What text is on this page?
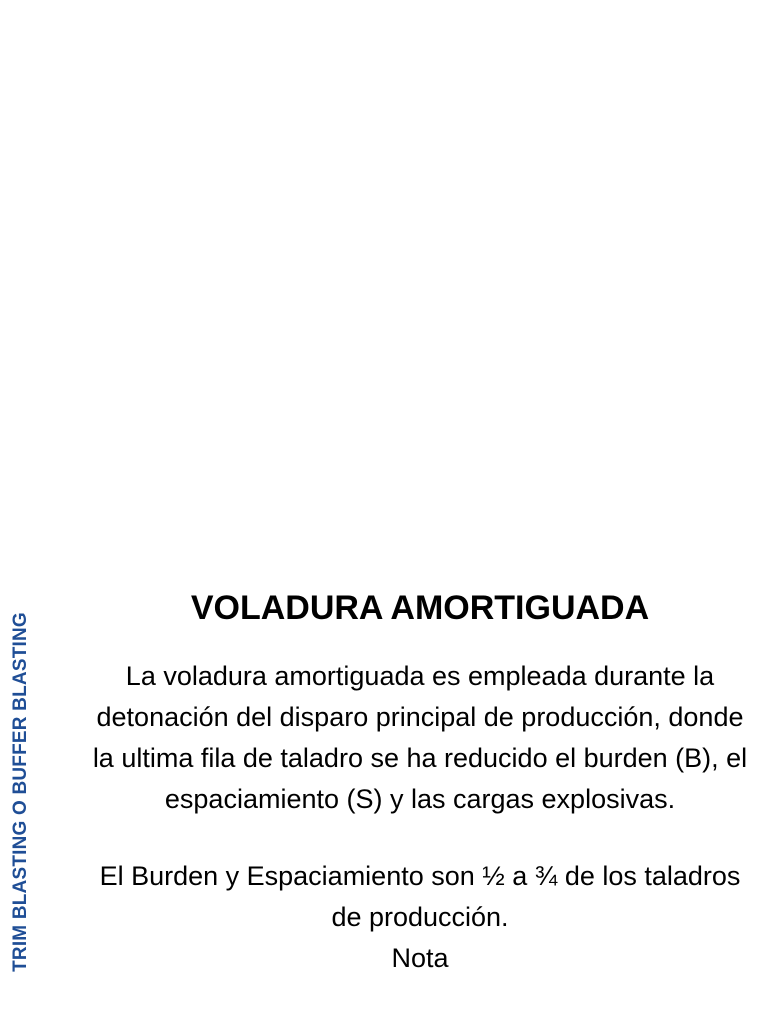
TRIM BLASTING O BUFFER BLASTING
VOLADURA AMORTIGUADA

La voladura amortiguada es empleada durante la detonación del disparo principal de producción, donde la ultima fila de taladro se ha reducido el burden (B), el espaciamiento (S) y las cargas explosivas.

El Burden y Espaciamiento son ½ a ¾ de los taladros de producción.

Nota
